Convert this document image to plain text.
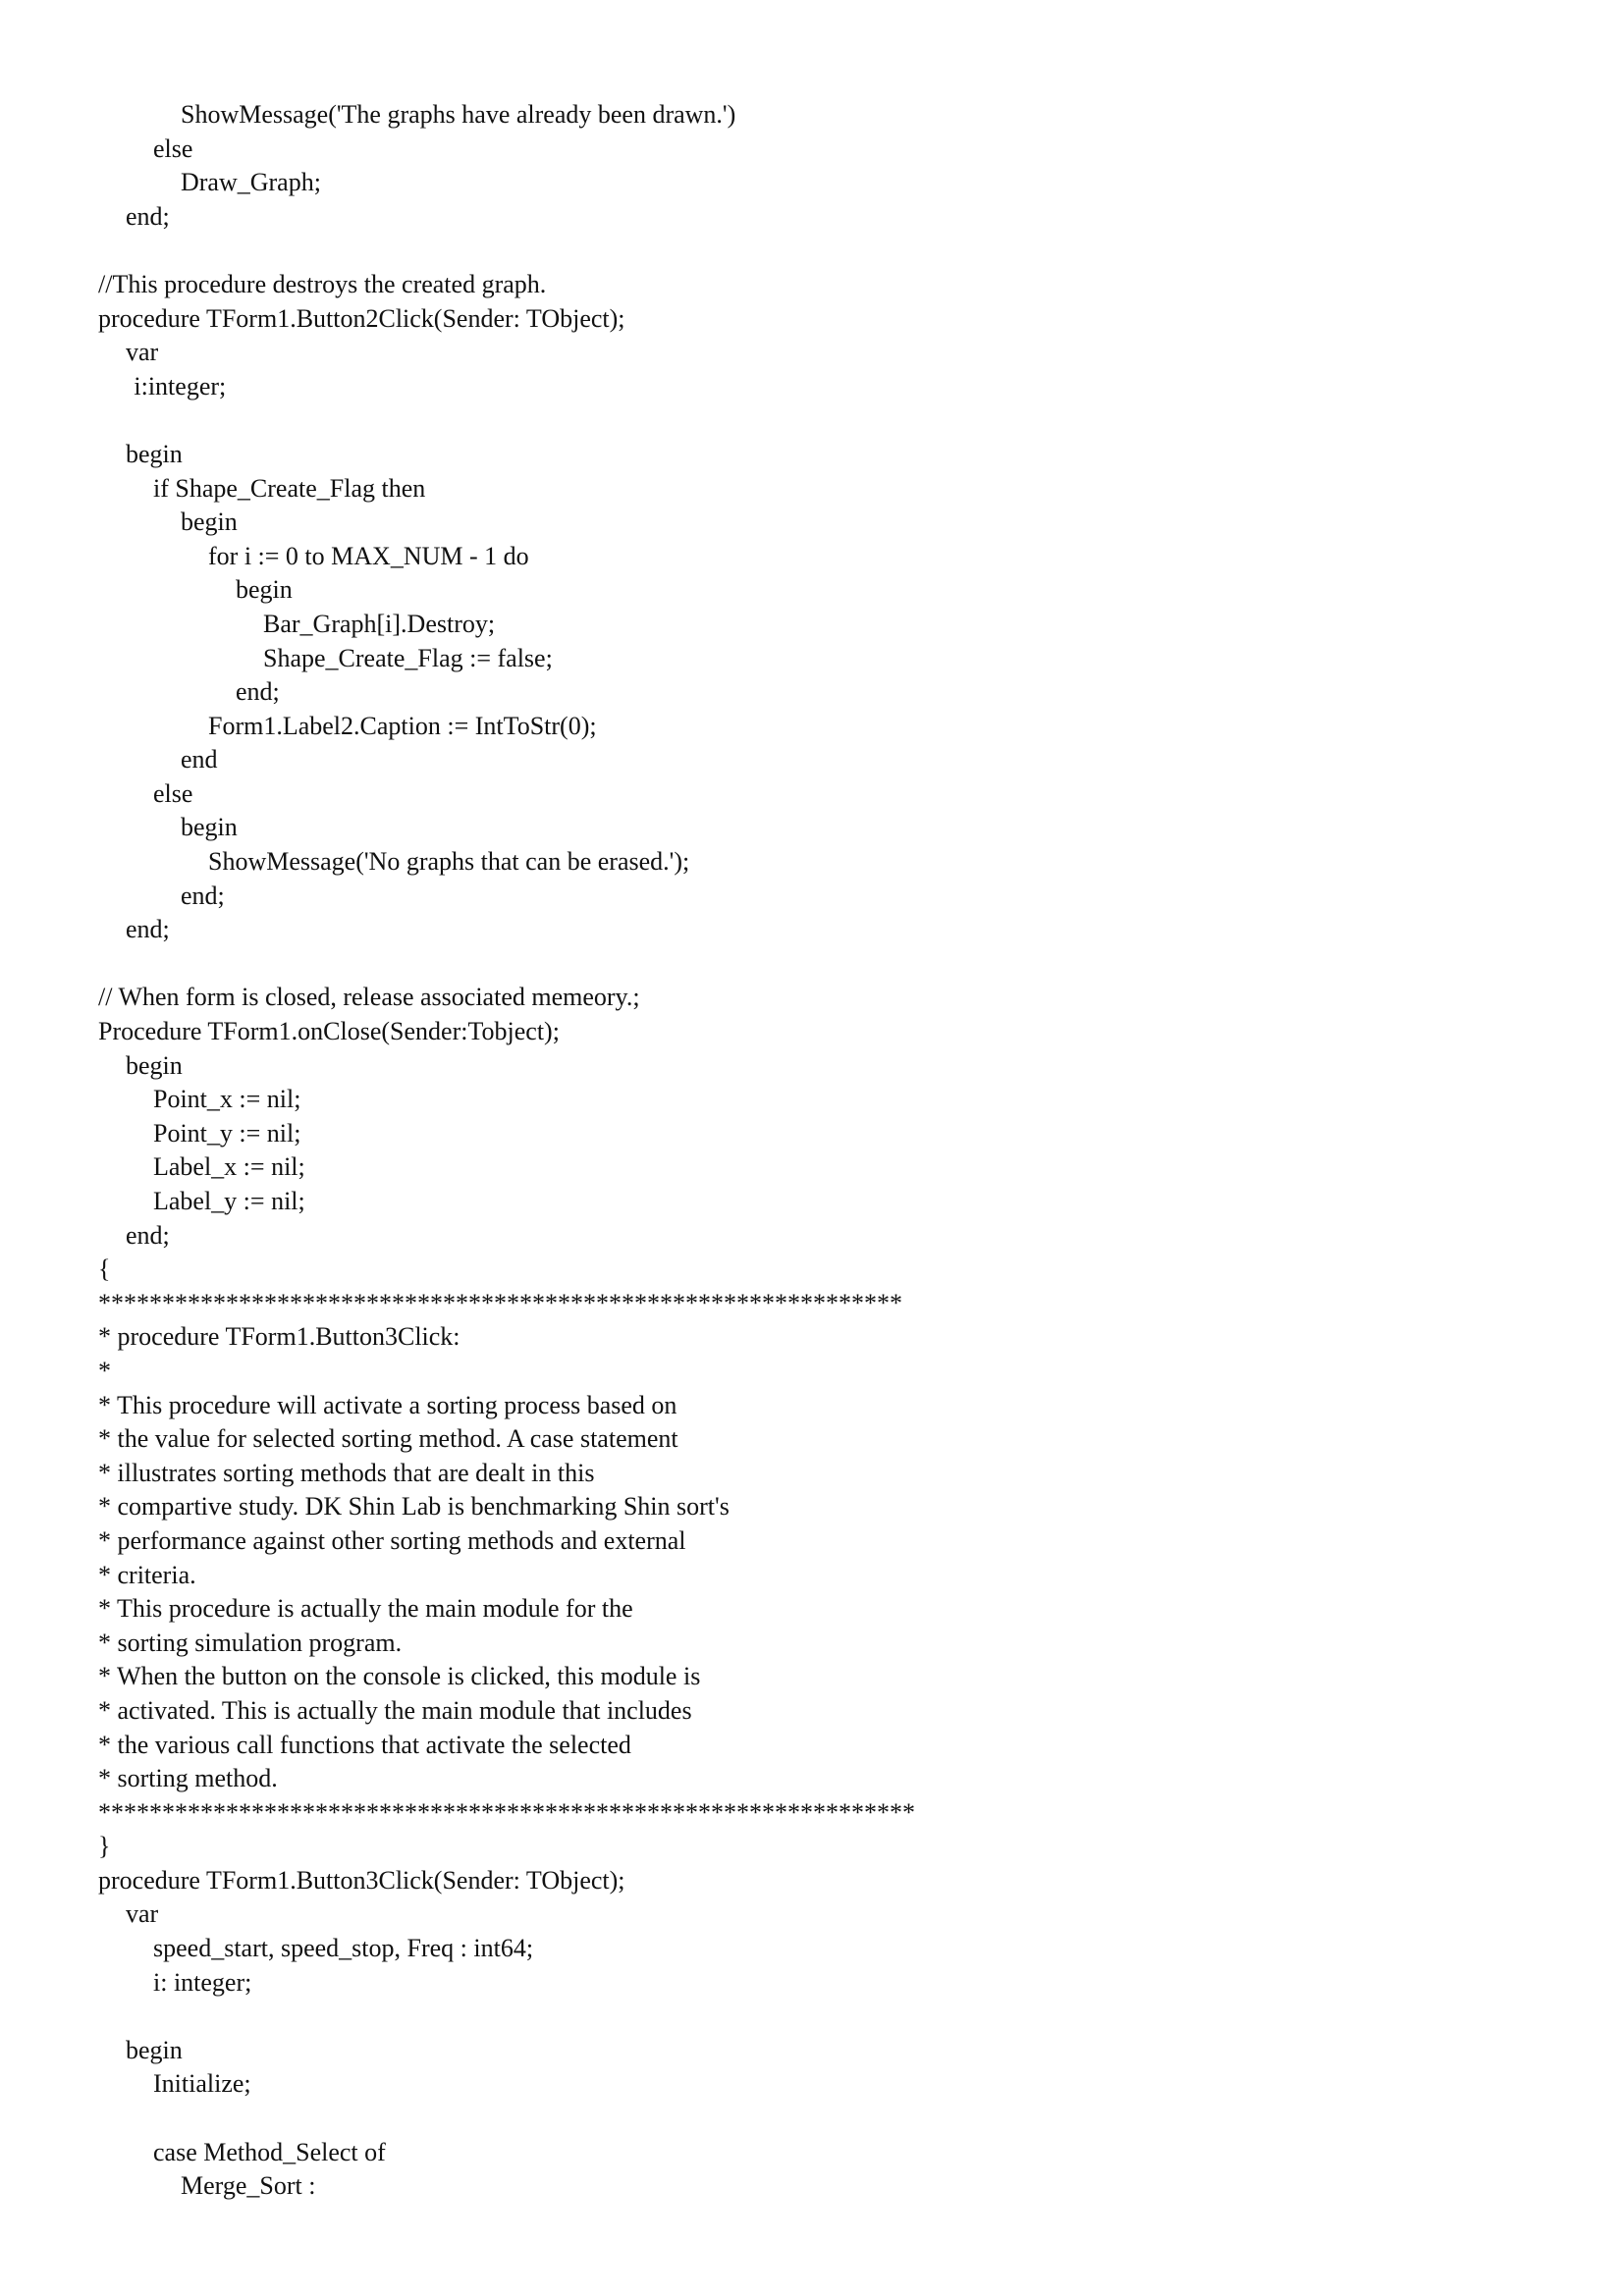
ShowMessage('The graphs have already been drawn.')
else
Draw_Graph;
end;
//This procedure destroys the created graph.
procedure TForm1.Button2Click(Sender: TObject);
var
i:integer;
begin
if Shape_Create_Flag then
begin
for i := 0 to MAX_NUM - 1 do
begin
Bar_Graph[i].Destroy;
Shape_Create_Flag := false;
end;
Form1.Label2.Caption := IntToStr(0);
end
else
begin
ShowMessage('No graphs that can be erased.');
end;
end;
// When form is closed, release associated memeory.;
Procedure TForm1.onClose(Sender:Tobject);
begin
Point_x := nil;
Point_y := nil;
Label_x := nil;
Label_y := nil;
end;
{
***************************************************************
* procedure TForm1.Button3Click:
*
* This procedure will activate a sorting process based on
* the value for selected sorting method. A case statement
* illustrates sorting methods that are dealt in this
* compartive study. DK Shin Lab is benchmarking Shin sort's
* performance against other sorting methods and external
* criteria.
* This procedure is actually the main module for the
* sorting simulation program.
* When the button on the console is clicked, this module is
* activated. This is actually the main module that includes
* the various call functions that activate the selected
* sorting method.
****************************************************************
}
procedure TForm1.Button3Click(Sender: TObject);
var
speed_start, speed_stop, Freq : int64;
i: integer;
begin
Initialize;
case Method_Select of
Merge_Sort :
